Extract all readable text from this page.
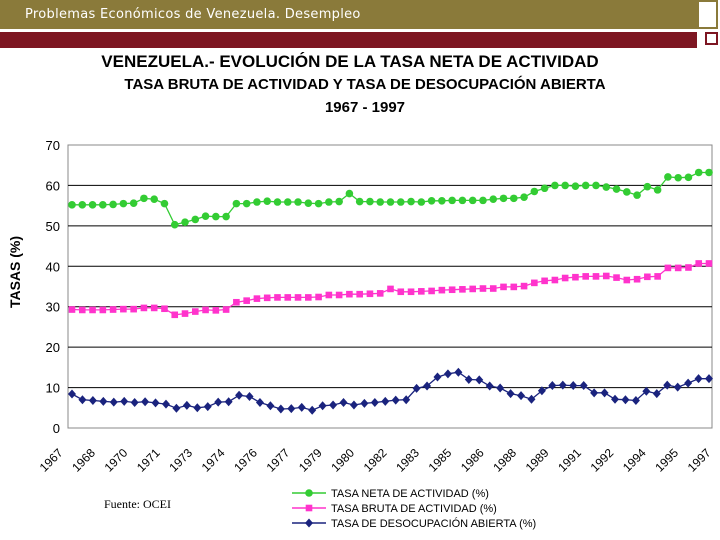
Problemas Económicos de Venezuela. Desempleo
VENEZUELA.- EVOLUCIÓN DE LA TASA NETA DE ACTIVIDAD
TASA BRUTA DE ACTIVIDAD Y TASA DE DESOCUPACIÓN ABIERTA
1967 - 1997
0
10
20
30
40
50
60
70
TASAS (%)
1967 1968 1970 1971 1973 1974 1976 1977 1979 1980 1982 1983 1985 1986 1988 1989 1991 1992 1994 1995 1997
TASA NETA DE ACTIVIDAD (%)
TASA BRUTA DE ACTIVIDAD (%)
TASA DE DESOCUPACIÓN ABIERTA (%)
Fuente: OCEI
